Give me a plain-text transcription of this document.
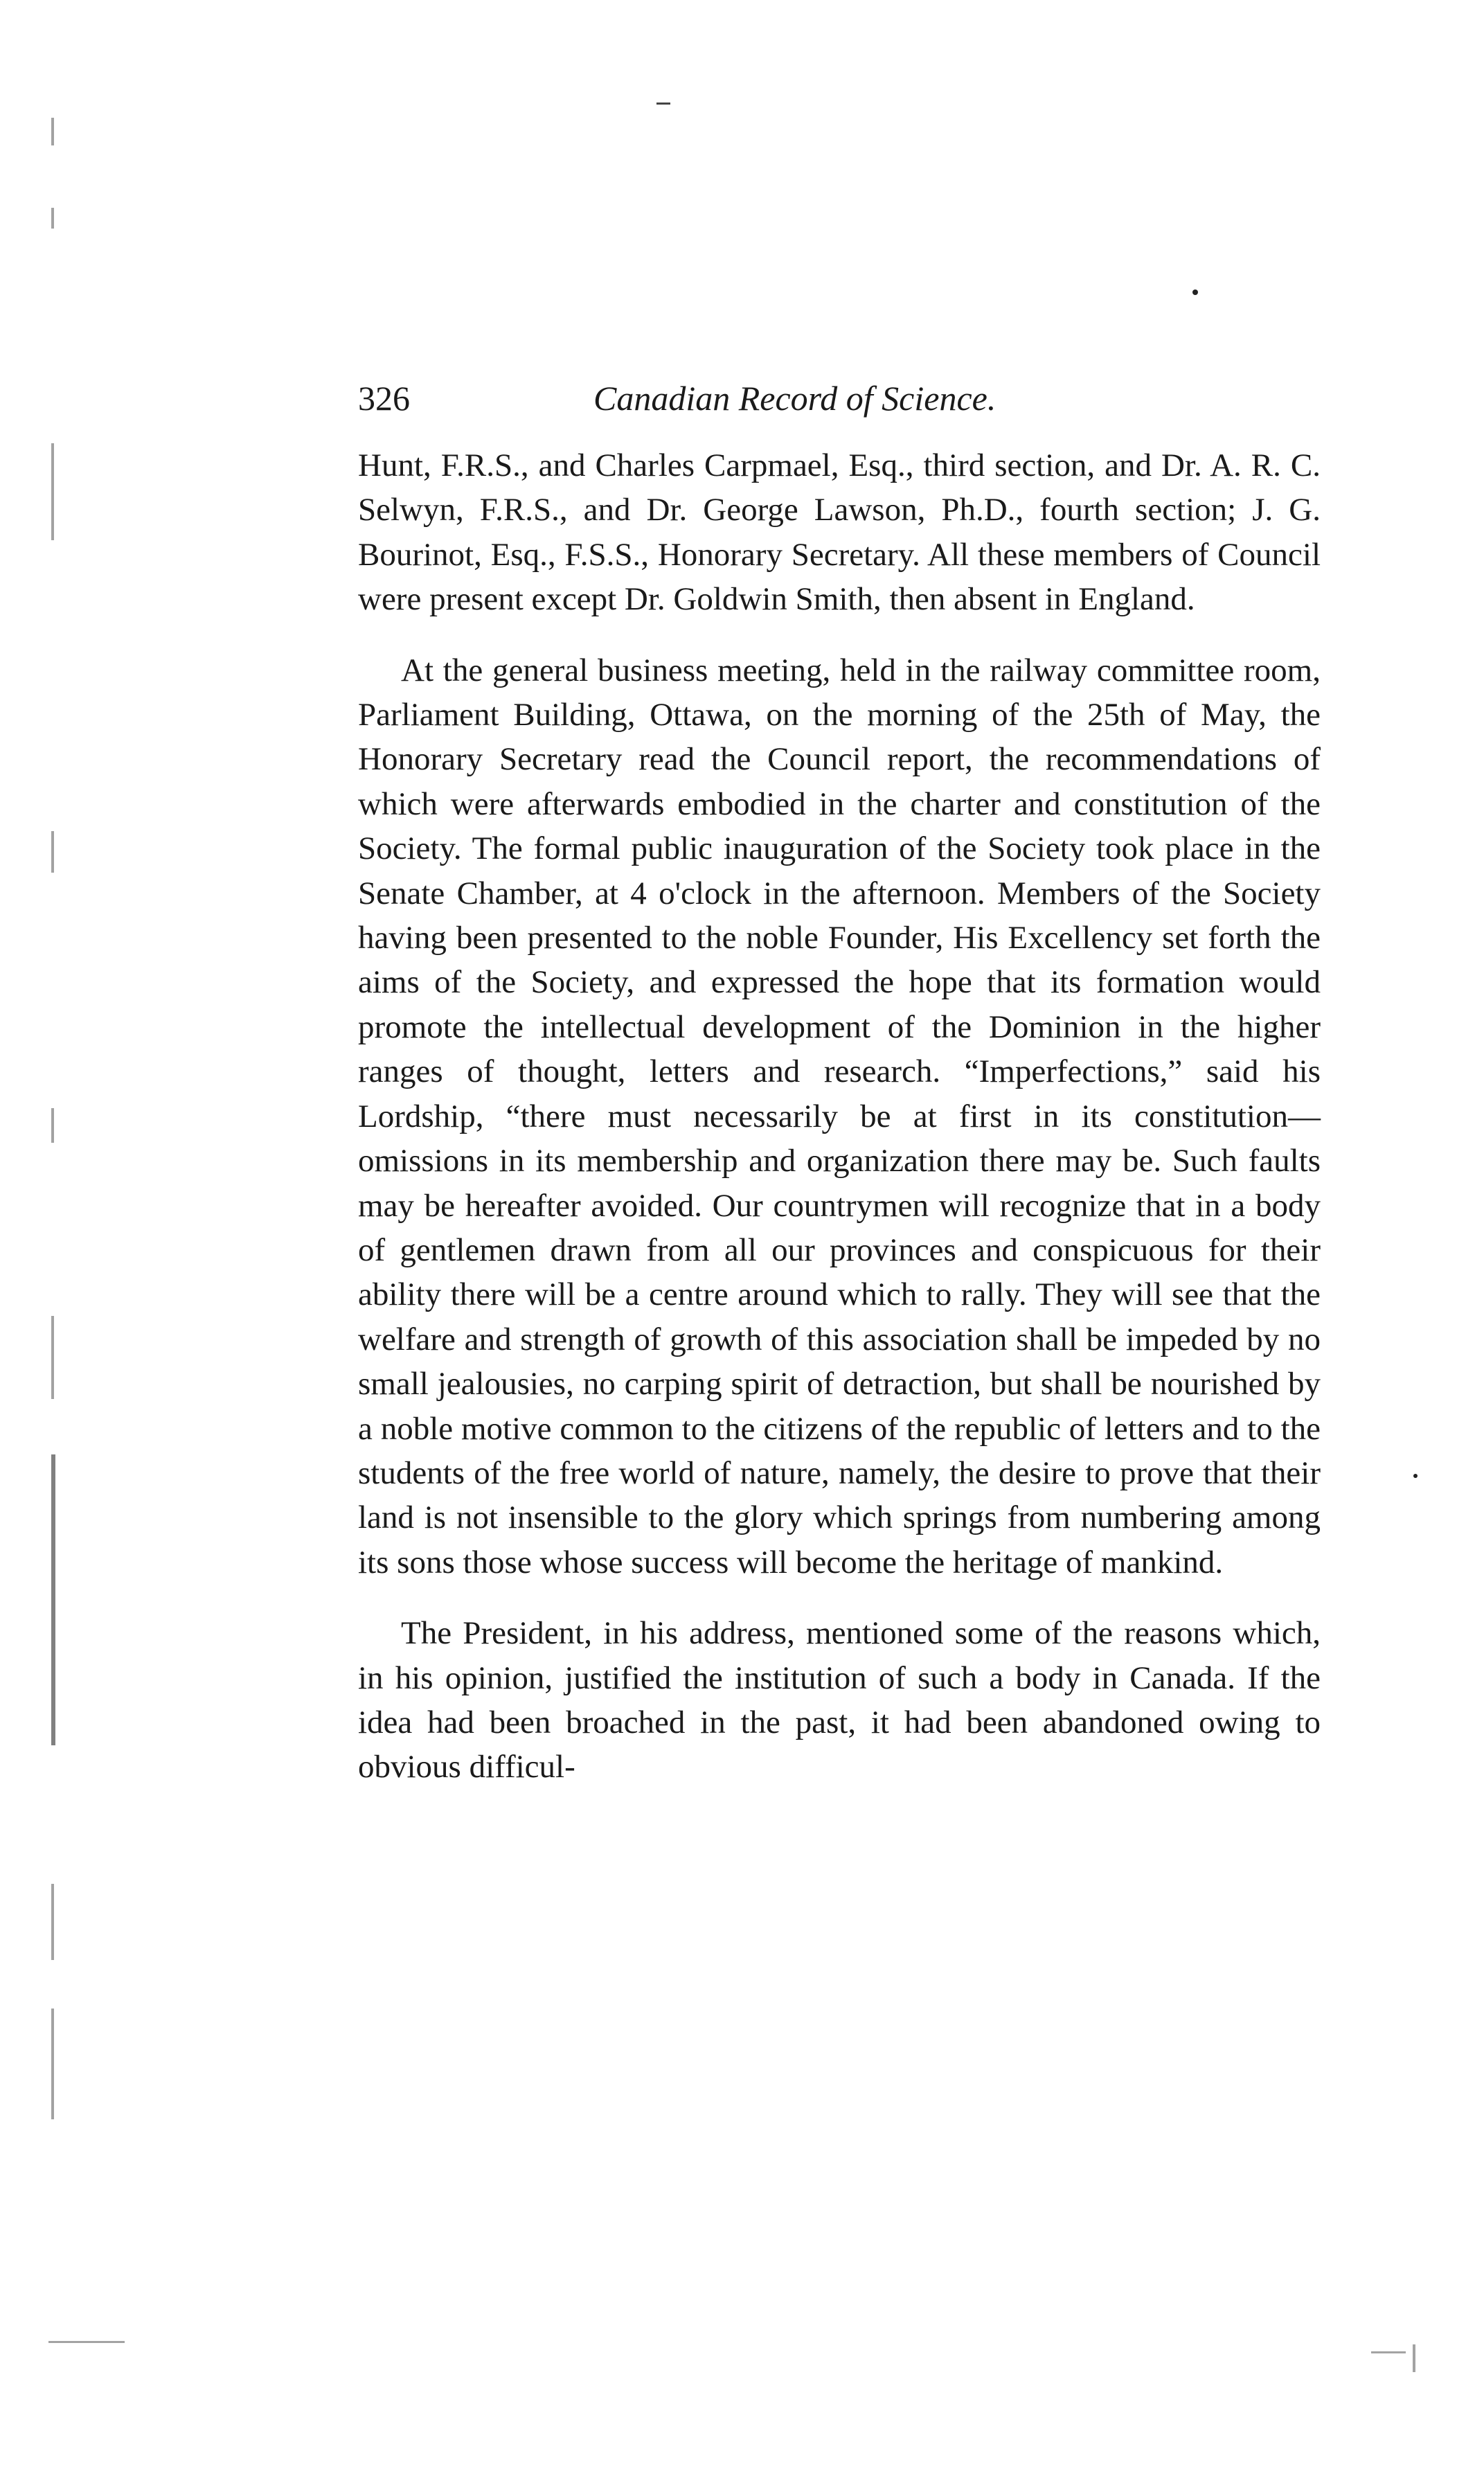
326	Canadian Record of Science.

Hunt, F.R.S., and Charles Carpmael, Esq., third section, and Dr. A. R. C. Selwyn, F.R.S., and Dr. George Lawson, Ph.D., fourth section; J. G. Bourinot, Esq., F.S.S., Honorary Secretary. All these members of Council were present except Dr. Goldwin Smith, then absent in England.

At the general business meeting, held in the railway committee room, Parliament Building, Ottawa, on the morning of the 25th of May, the Honorary Secretary read the Council report, the recommendations of which were afterwards embodied in the charter and constitution of the Society. The formal public inauguration of the Society took place in the Senate Chamber, at 4 o'clock in the afternoon. Members of the Society having been presented to the noble Founder, His Excellency set forth the aims of the Society, and expressed the hope that its formation would promote the intellectual development of the Dominion in the higher ranges of thought, letters and research. “Imperfections,” said his Lordship, “there must necessarily be at first in its constitution—omissions in its membership and organization there may be. Such faults may be hereafter avoided. Our countrymen will recognize that in a body of gentlemen drawn from all our provinces and conspicuous for their ability there will be a centre around which to rally. They will see that the welfare and strength of growth of this association shall be impeded by no small jealousies, no carping spirit of detraction, but shall be nourished by a noble motive common to the citizens of the republic of letters and to the students of the free world of nature, namely, the desire to prove that their land is not insensible to the glory which springs from numbering among its sons those whose success will become the heritage of mankind.

The President, in his address, mentioned some of the reasons which, in his opinion, justified the institution of such a body in Canada. If the idea had been broached in the past, it had been abandoned owing to obvious difficul-
